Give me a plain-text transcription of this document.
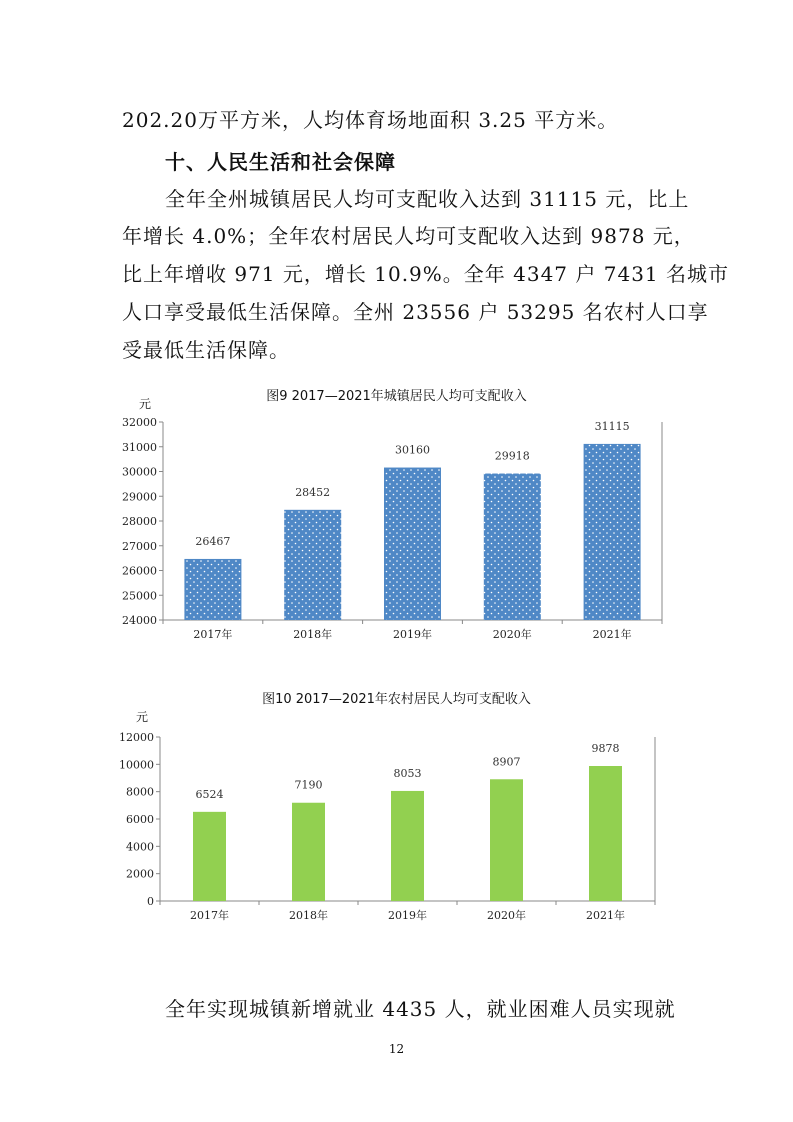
202.20万平方米，人均体育场地面积 3.25 平方米。
十、人民生活和社会保障
全年全州城镇居民人均可支配收入达到 31115 元，比上
年增长 4.0%；全年农村居民人均可支配收入达到 9878 元，
比上年增收 971 元，增长 10.9%。全年 4347 户 7431 名城市
人口享受最低生活保障。全州 23556 户 53295 名农村人口享
受最低生活保障。
图9 2017—2021年城镇居民人均可支配收入
元
24000
25000
26000
27000
28000
29000
30000
31000
32000
26467
2017年
28452
2018年
30160
2019年
29918
2020年
31115
2021年
图10 2017—2021年农村居民人均可支配收入
元
0
2000
4000
6000
8000
10000
12000
6524
2017年
7190
2018年
8053
2019年
8907
2020年
9878
2021年
全年实现城镇新增就业 4435 人，就业困难人员实现就
12
